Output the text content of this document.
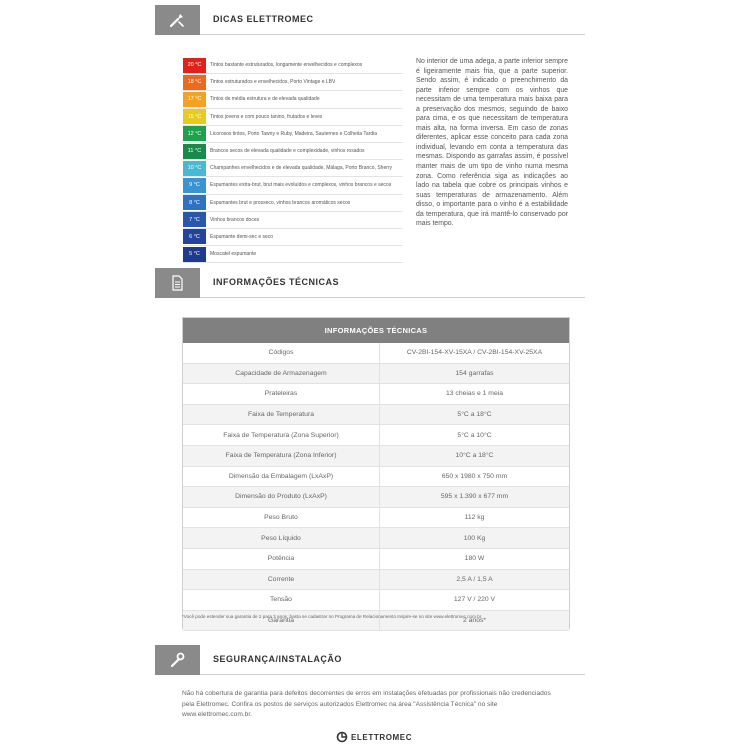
DICAS ELETTROMEC
20 °C	Tintos bastante estruturados, longamente envelhecidos e complexos
18 °C	Tintos estruturados e envelhecidos, Porto Vintage e LBV
17 °C	Tintos de média estrutura e de elevada qualidade
15 °C	Tintos jovens e com pouco tanino, frutados e leves
12 °C	Licorosos tintos, Porto Tawny e Ruby, Madeira, Sauternes e Colheita Tardia
11 °C	Brancos secos de elevada qualidade e complexidade, vinhos rosados
10 °C	Champanhes envelhecidos e de elevada qualidade, Málaga, Porto Branco, Sherry
9 °C	Espumantes extra-brut, brut mais evoluídos e complexos, vinhos brancos e secos
8 °C	Espumantes brut e prosseco, vinhos brancos aromáticos secos
7 °C	Vinhos brancos doces
6 °C	Espumante demi-sec e seco
5 °C	Moscatel espumante
No interior de uma adega, a parte inferior sempre é ligeiramente mais fria, que a parte superior. Sendo assim, é indicado o preenchimento da parte inferior sempre com os vinhos que necessitam de uma temperatura mais baixa para a preservação dos mesmos, seguindo de baixo para cima, e os que necessitam de temperatura mais alta, na forma inversa. Em caso de zonas diferentes, aplicar esse conceito para cada zona individual, levando em conta a temperatura das mesmas. Dispondo as garrafas assim, é possível manter mais de um tipo de vinho numa mesma zona. Como referência siga as indicações ao lado na tabela que cobre os principais vinhos e suas temperaturas de armazenamento. Além disso, o importante para o vinho é a estabilidade da temperatura, que irá mantê-lo conservado por mais tempo.
INFORMAÇÕES TÉCNICAS
INFORMAÇÕES TÉCNICAS
Códigos	CV-2BI-154-XV-15XA / CV-2BI-154-XV-25XA
Capacidade de Armazenagem	154 garrafas
Prateleiras	13 cheias e 1 meia
Faixa de Temperatura	5°C a 18°C
Faixa de Temperatura (Zona Superior)	5°C a 10°C
Faixa de Temperatura (Zona Inferior)	10°C a 18°C
Dimensão da Embalagem (LxAxP)	650 x 1980 x 750 mm
Dimensão do Produto (LxAxP)	595 x 1.390 x 677 mm
Peso Bruto	112 kg
Peso Líquido	100 Kg
Potência	180 W
Corrente	2,5 A / 1,5 A
Tensão	127 V / 220 V
Garantia	2 anos*
*Você pode estender sua garantia de 2 para 3 anos, basta se cadastrar no Programa de Relacionamento Inspire-se no site www.elettromec.com.br.
SEGURANÇA/INSTALAÇÃO
Não há cobertura de garantia para defeitos decorrentes de erros em instalações efetuadas por profissionais não credenciados pela Elettromec. Confira os postos de serviços autorizados Elettromec na área "Assistência Técnica" no site www.elettromec.com.br.
ELETTROMEC
